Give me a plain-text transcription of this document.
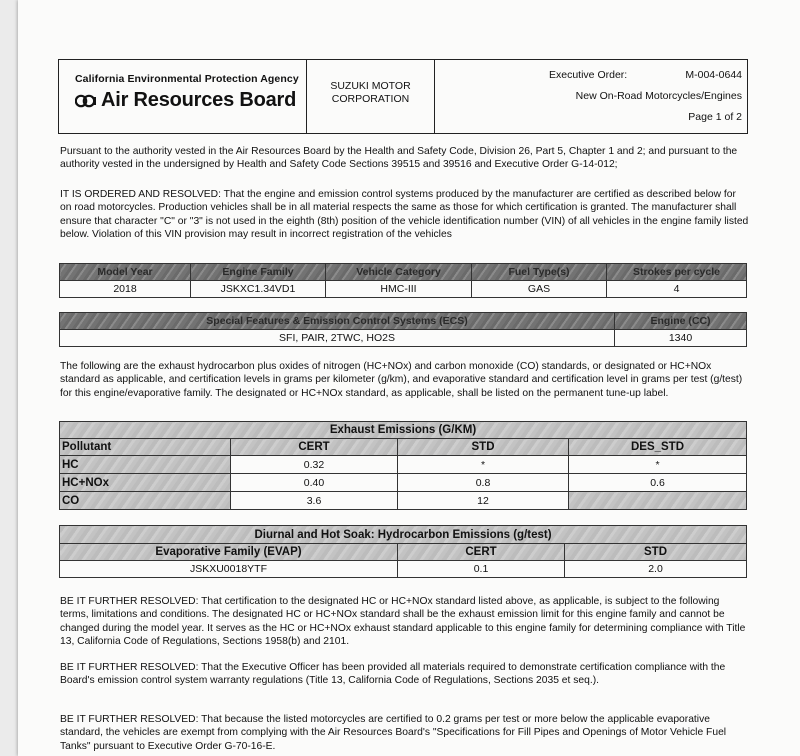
California Environmental Protection Agency
Air Resources Board
SUZUKI MOTOR
CORPORATION
Executive Order:	M-004-0644
New On-Road Motorcycles/Engines
Page 1 of 2

Pursuant to the authority vested in the Air Resources Board by the Health and Safety Code, Division 26, Part 5, Chapter 1 and 2; and pursuant to the authority vested in the undersigned by Health and Safety Code Sections 39515 and 39516 and Executive Order G-14-012;

IT IS ORDERED AND RESOLVED: That the engine and emission control systems produced by the manufacturer are certified as described below for on road motorcycles. Production vehicles shall be in all material respects the same as those for which certification is granted. The manufacturer shall ensure that character "C" or "3" is not used in the eighth (8th) position of the vehicle identification number (VIN) of all vehicles in the engine family listed below. Violation of this VIN provision may result in incorrect registration of the vehicles

Model Year	Engine Family	Vehicle Category	Fuel Type(s)	Strokes per cycle
2018	JSKXC1.34VD1	HMC-III	GAS	4
Special Features & Emission Control Systems (ECS)	Engine (CC)
SFI, PAIR, 2TWC, HO2S	1340

The following are the exhaust hydrocarbon plus oxides of nitrogen (HC+NOx) and carbon monoxide (CO) standards, or designated or HC+NOx standard as applicable, and certification levels in grams per kilometer (g/km), and evaporative standard and certification level in grams per test (g/test) for this engine/evaporative family. The designated or HC+NOx standard, as applicable, shall be listed on the permanent tune-up label.

Exhaust Emissions (G/KM)			
Pollutant	CERT	STD	DES_STD
HC	0.32	*	*
HC+NOx	0.40	0.8	0.6
CO	3.6	12	
Diurnal and Hot Soak: Hydrocarbon Emissions (g/test)		
Evaporative Family (EVAP)	CERT	STD
JSKXU0018YTF	0.1	2.0

BE IT FURTHER RESOLVED: That certification to the designated HC or HC+NOx standard listed above, as applicable, is subject to the following terms, limitations and conditions. The designated HC or HC+NOx standard shall be the exhaust emission limit for this engine family and cannot be changed during the model year. It serves as the HC or HC+NOx exhaust standard applicable to this engine family for determining compliance with Title 13, California Code of Regulations, Sections 1958(b) and 2101.

BE IT FURTHER RESOLVED: That the Executive Officer has been provided all materials required to demonstrate certification compliance with the Board's emission control system warranty regulations (Title 13, California Code of Regulations, Sections 2035 et seq.).

BE IT FURTHER RESOLVED: That because the listed motorcycles are certified to 0.2 grams per test or more below the applicable evaporative standard, the vehicles are exempt from complying with the Air Resources Board's "Specifications for Fill Pipes and Openings of Motor Vehicle Fuel Tanks" pursuant to Executive Order G-70-16-E.
